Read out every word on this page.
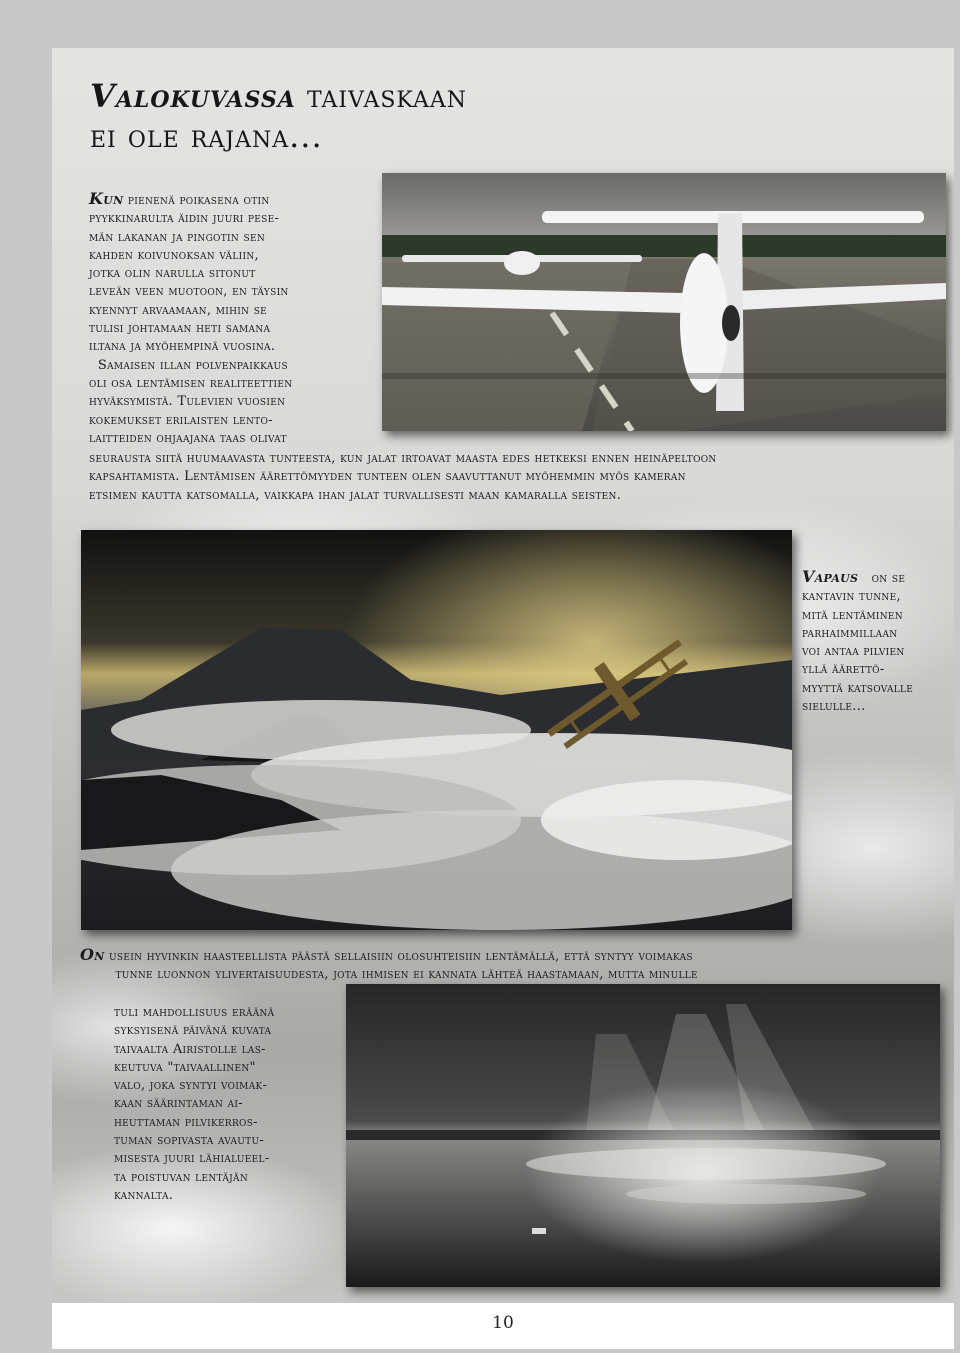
Valokuvassa taivaskaan
ei ole rajana...
Kun pienenä poikasena otin
pyykkinarulta äidin juuri pese-
män lakanan ja pingotin sen
kahden koivunoksan väliin,
jotka olin narulla sitonut
leveän veen muotoon, en täysin
kyennyt arvaamaan, mihin se
tulisi johtamaan heti samana
iltana ja myöhempinä vuosina.
Samaisen illan polvenpaikkaus
oli osa lentämisen realiteettien
hyväksymistä. Tulevien vuosien
kokemukset erilaisten lento-
laitteiden ohjaajana taas olivat
seurausta siitä huumaavasta tunteesta, kun jalat irtoavat maasta edes hetkeksi ennen heinäpeltoon
kapsahtamista. Lentämisen äärettömyyden tunteen olen saavuttanut myöhemmin myös kameran
etsimen kautta katsomalla, vaikkapa ihan jalat turvallisesti maan kamaralla seisten.
Vapaus on se
kantavin tunne,
mitä lentäminen
parhaimmillaan
voi antaa pilvien
yllä äärettö-
myyttä katsovalle
sielulle...
On usein hyvinkin haasteellista päästä sellaisiin olosuhteisiin lentämällä, että syntyy voimakas
tunne luonnon ylivertaisuudesta, jota ihmisen ei kannata lähteä haastamaan, mutta minulle
tuli mahdollisuus eräänä
syksyisenä päivänä kuvata
taivaalta Airistolle las-
keutuva "taivaallinen"
valo, joka syntyi voimak-
kaan säärintaman ai-
heuttaman pilvikerros-
tuman sopivasta avautu-
misesta juuri lähialueel-
ta poistuvan lentäjän
kannalta.
10
